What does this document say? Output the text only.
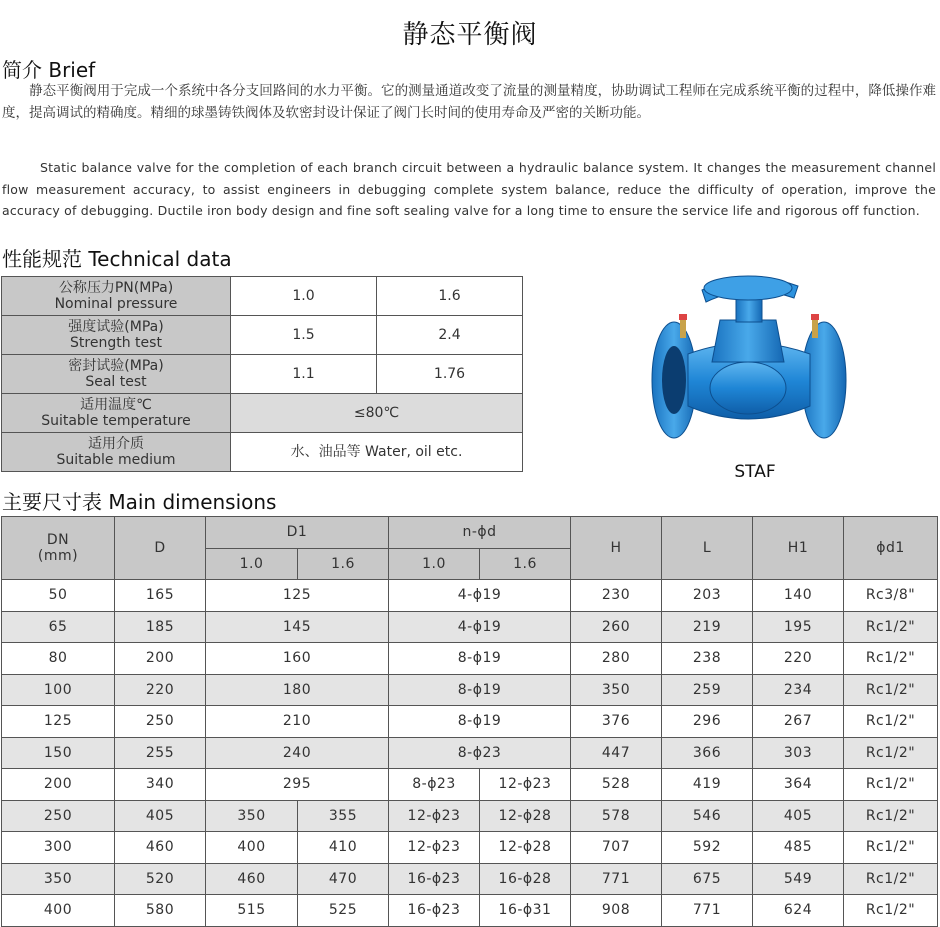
静态平衡阀
简介 Brief
　　静态平衡阀用于完成一个系统中各分支回路间的水力平衡。它的测量通道改变了流量的测量精度，协助调试工程师在完成系统平衡的过程中，降低操作难度，提高调试的精确度。精细的球墨铸铁阀体及软密封设计保证了阀门长时间的使用寿命及严密的关断功能。
Static balance valve for the completion of each branch circuit between a hydraulic balance system. It changes the measurement channel flow measurement accuracy, to assist engineers in debugging complete system balance, reduce the difficulty of operation, improve the accuracy of debugging. Ductile iron body design and fine soft sealing valve for a long time to ensure the service life and rigorous off function.
性能规范 Technical data
公称压力PN(MPa)
Nominal pressure	1.0	1.6

强度试验(MPa)
Strength test	1.5	2.4

密封试验(MPa)
Seal test	1.1	1.76

适用温度℃
Suitable temperature	≤80℃	

适用介质
Suitable medium	水、油品等 Water, oil etc.	
STAF
主要尺寸表 Main dimensions
DN
(mm)	D	D1		n-ϕd		H	L	H1	ϕd1
		1.0	1.6	1.0	1.6				
50	165	125		4-ϕ19		230	203	140	Rc3/8"
65	185	145		4-ϕ19		260	219	195	Rc1/2"
80	200	160		8-ϕ19		280	238	220	Rc1/2"
100	220	180		8-ϕ19		350	259	234	Rc1/2"
125	250	210		8-ϕ19		376	296	267	Rc1/2"
150	255	240		8-ϕ23		447	366	303	Rc1/2"
200	340	295		8-ϕ23	12-ϕ23	528	419	364	Rc1/2"
250	405	350	355	12-ϕ23	12-ϕ28	578	546	405	Rc1/2"
300	460	400	410	12-ϕ23	12-ϕ28	707	592	485	Rc1/2"
350	520	460	470	16-ϕ23	16-ϕ28	771	675	549	Rc1/2"
400	580	515	525	16-ϕ23	16-ϕ31	908	771	624	Rc1/2"
